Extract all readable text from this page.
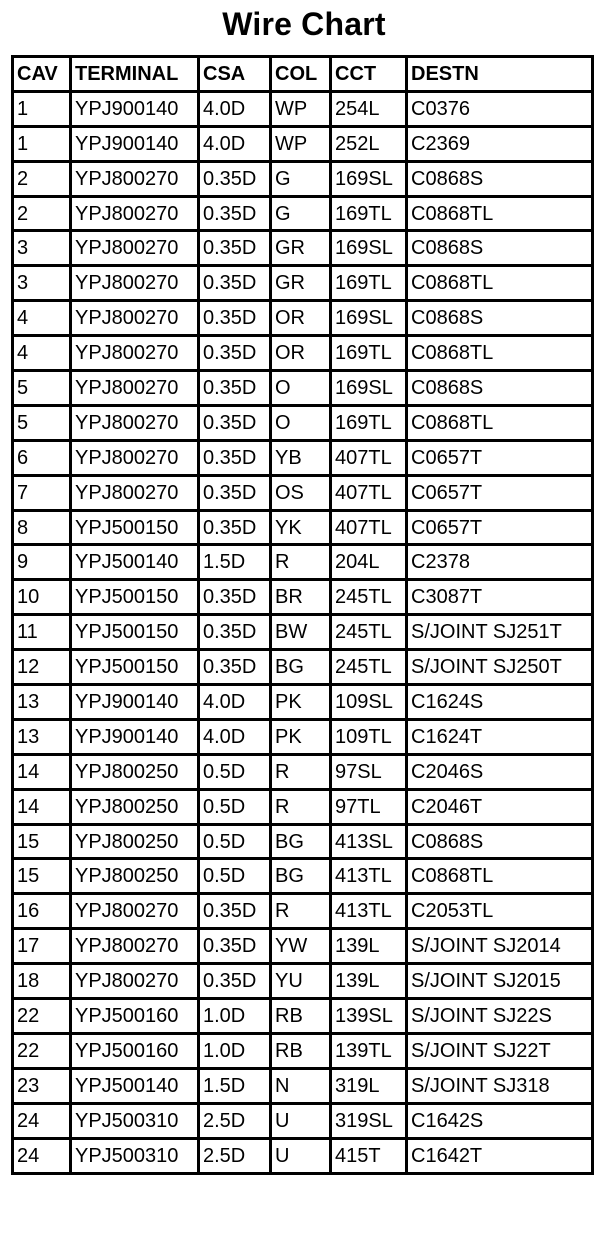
Wire Chart
CAV	TERMINAL	CSA	COL	CCT	DESTN
1	YPJ900140	4.0D	WP	254L	C0376
1	YPJ900140	4.0D	WP	252L	C2369
2	YPJ800270	0.35D	G	169SL	C0868S
2	YPJ800270	0.35D	G	169TL	C0868TL
3	YPJ800270	0.35D	GR	169SL	C0868S
3	YPJ800270	0.35D	GR	169TL	C0868TL
4	YPJ800270	0.35D	OR	169SL	C0868S
4	YPJ800270	0.35D	OR	169TL	C0868TL
5	YPJ800270	0.35D	O	169SL	C0868S
5	YPJ800270	0.35D	O	169TL	C0868TL
6	YPJ800270	0.35D	YB	407TL	C0657T
7	YPJ800270	0.35D	OS	407TL	C0657T
8	YPJ500150	0.35D	YK	407TL	C0657T
9	YPJ500140	1.5D	R	204L	C2378
10	YPJ500150	0.35D	BR	245TL	C3087T
11	YPJ500150	0.35D	BW	245TL	S/JOINT SJ251T
12	YPJ500150	0.35D	BG	245TL	S/JOINT SJ250T
13	YPJ900140	4.0D	PK	109SL	C1624S
13	YPJ900140	4.0D	PK	109TL	C1624T
14	YPJ800250	0.5D	R	97SL	C2046S
14	YPJ800250	0.5D	R	97TL	C2046T
15	YPJ800250	0.5D	BG	413SL	C0868S
15	YPJ800250	0.5D	BG	413TL	C0868TL
16	YPJ800270	0.35D	R	413TL	C2053TL
17	YPJ800270	0.35D	YW	139L	S/JOINT SJ2014
18	YPJ800270	0.35D	YU	139L	S/JOINT SJ2015
22	YPJ500160	1.0D	RB	139SL	S/JOINT SJ22S
22	YPJ500160	1.0D	RB	139TL	S/JOINT SJ22T
23	YPJ500140	1.5D	N	319L	S/JOINT SJ318
24	YPJ500310	2.5D	U	319SL	C1642S
24	YPJ500310	2.5D	U	415T	C1642T
